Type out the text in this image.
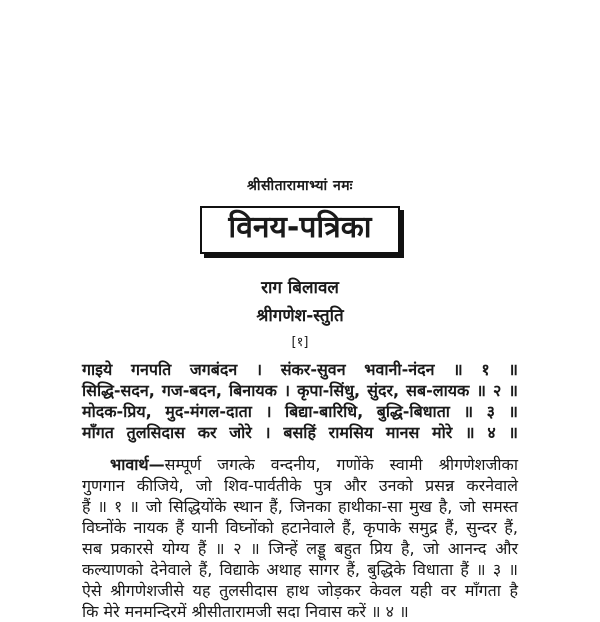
श्रीसीतारामाभ्यां नमः
विनय-पत्रिका
राग बिलावल
श्रीगणेश-स्तुति
[१]
गाइये गनपति जगबंदन । संकर-सुवन भवानी-नंदन ॥ १ ॥
सिद्धि-सदन, गज-बदन, बिनायक । कृपा-सिंधु, सुंदर, सब-लायक ॥ २ ॥
मोदक-प्रिय, मुद-मंगल-दाता । बिद्या-बारिधि, बुद्धि-बिधाता ॥ ३ ॥
माँगत तुलसिदास कर जोरे । बसहिं रामसिय मानस मोरे ॥ ४ ॥
भावार्थ—सम्पूर्ण जगत्के वन्दनीय, गणोंके स्वामी श्रीगणेशजीका
गुणगान कीजिये, जो शिव-पार्वतीके पुत्र और उनको प्रसन्न करनेवाले
हैं ॥ १ ॥ जो सिद्धियोंके स्थान हैं, जिनका हाथीका-सा मुख है, जो समस्त
विघ्नोंके नायक हैं यानी विघ्नोंको हटानेवाले हैं, कृपाके समुद्र हैं, सुन्दर हैं,
सब प्रकारसे योग्य हैं ॥ २ ॥ जिन्हें लड्डू बहुत प्रिय है, जो आनन्द और
कल्याणको देनेवाले हैं, विद्याके अथाह सागर हैं, बुद्धिके विधाता हैं ॥ ३ ॥
ऐसे श्रीगणेशजीसे यह तुलसीदास हाथ जोड़कर केवल यही वर माँगता है
कि मेरे मनमन्दिरमें श्रीसीतारामजी सदा निवास करें ॥ ४ ॥
